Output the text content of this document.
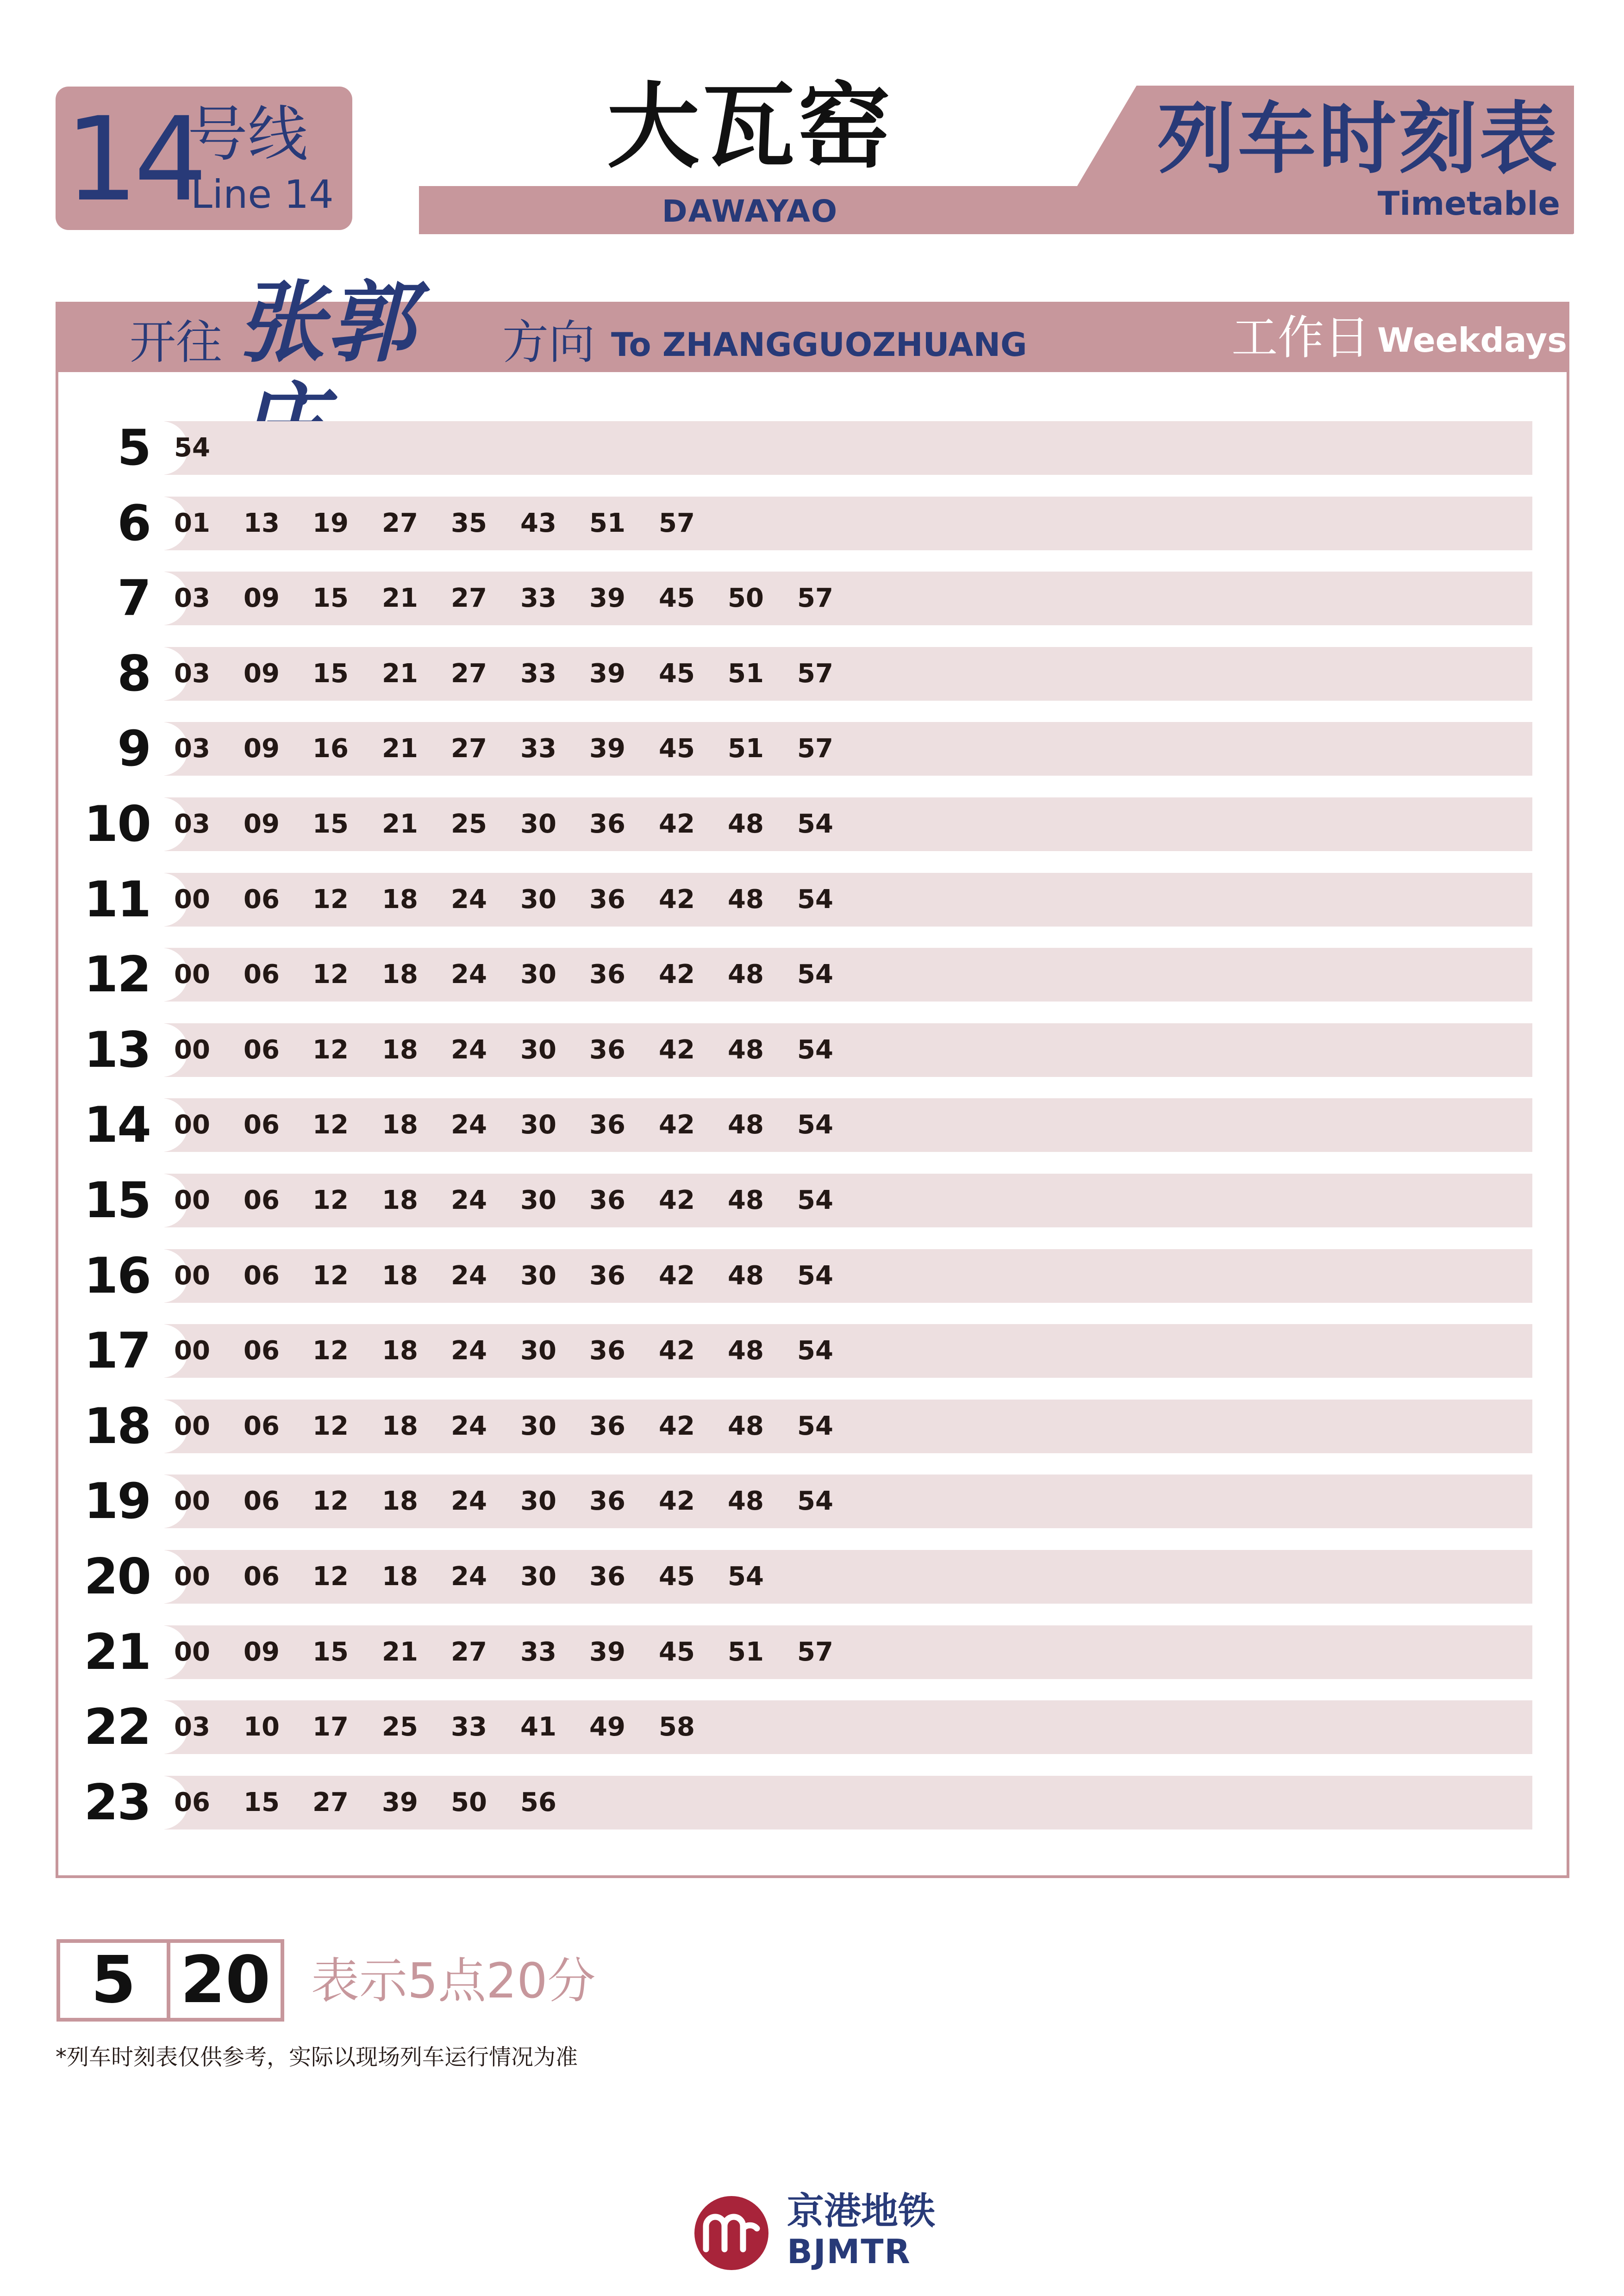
14
号线
Line 14
大瓦窑
DAWAYAO
列车时刻表
Timetable
开往 张郭	方向 To ZHANGGUOZHUANG	工作日 Weekdays
5 54
6 01 13 19 27 35 43 51 57
7 03 09 15 21 27 33 39 45 50 57
8 03 09 15 21 27 33 39 45 51 57
9 03 09 16 21 27 33 39 45 51 57
10 03 09 15 21 25 30 36 42 48 54
11 00 06 12 18 24 30 36 42 48 54
12 00 06 12 18 24 30 36 42 48 54
13 00 06 12 18 24 30 36 42 48 54
14 00 06 12 18 24 30 36 42 48 54
15 00 06 12 18 24 30 36 42 48 54
16 00 06 12 18 24 30 36 42 48 54
17 00 06 12 18 24 30 36 42 48 54
18 00 06 12 18 24 30 36 42 48 54
19 00 06 12 18 24 30 36 42 48 54
20 00 06 12 18 24 30 36 45 54
21 00 09 15 21 27 33 39 45 51 57
22 03 10 17 25 33 41 49 58
23 06 15 27 39 50 56
5 20 表示5点20分
*列车时刻表仅供参考，实际以现场列车运行情况为准
京港地铁
BJMTR
